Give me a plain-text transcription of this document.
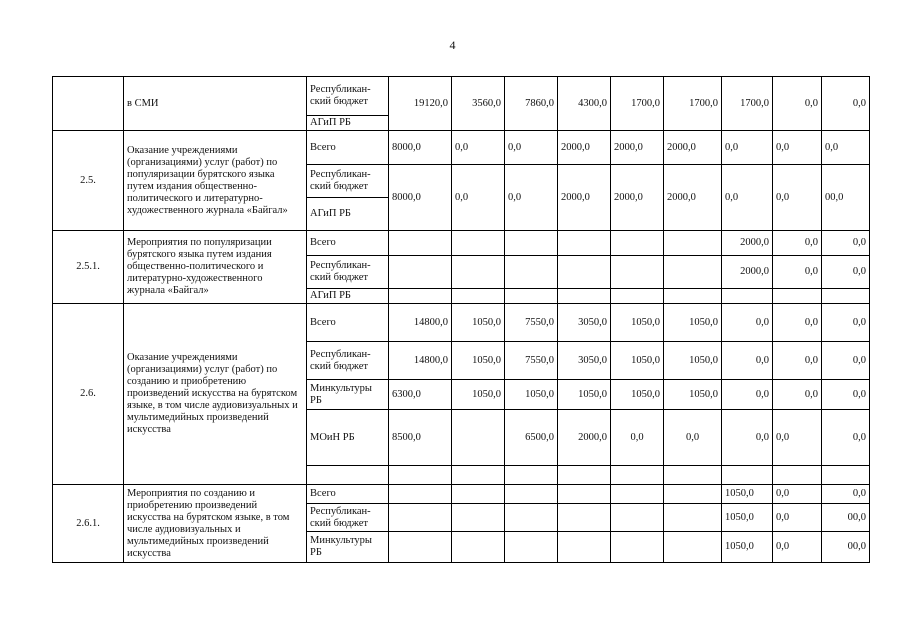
4
	в СМИ	Республикан-ский бюджет	19120,0	3560,0	7860,0	4300,0	1700,0	1700,0	1700,0	0,0	0,0
		АГиП РБ									
2.5.	Оказание учреждениями (организациями) услуг (работ) по популяризации бурятского языка путем издания общественно-политического и литературно-художественного журнала «Байгал»	Всего	8000,0	0,0	0,0	2000,0	2000,0	2000,0	0,0	0,0	0,0
		Республикан-ский бюджет	8000,0	0,0	0,0	2000,0	2000,0	2000,0	0,0	0,0	00,0
		АГиП РБ									
2.5.1.	Мероприятия по популяризации бурятского языка путем издания общественно-политического и литературно-художественного журнала «Байгал»	Всего							2000,0	0,0	0,0
		Республикан-ский бюджет							2000,0	0,0	0,0
		АГиП РБ									
2.6.	Оказание учреждениями (организациями) услуг (работ) по созданию и приобретению произведений искусства на бурятском языке, в том числе аудиовизуальных и мультимедийных произведений искусства	Всего	14800,0	1050,0	7550,0	3050,0	1050,0	1050,0	0,0	0,0	0,0
		Республикан-ский бюджет	14800,0	1050,0	7550,0	3050,0	1050,0	1050,0	0,0	0,0	0,0
		Минкультуры РБ	6300,0	1050,0	1050,0	1050,0	1050,0	1050,0	0,0	0,0	0,0
		МОиН РБ	8500,0		6500,0	2000,0	0,0	0,0	0,0	0,0	0,0

2.6.1.	Мероприятия по созданию и приобретению произведений искусства на бурятском языке, в том числе аудиовизуальных и мультимедийных произведений искусства	Всего							1050,0	0,0	0,0
		Республикан-ский бюджет							1050,0	0,0	00,0
		Минкультуры РБ							1050,0	0,0	00,0
